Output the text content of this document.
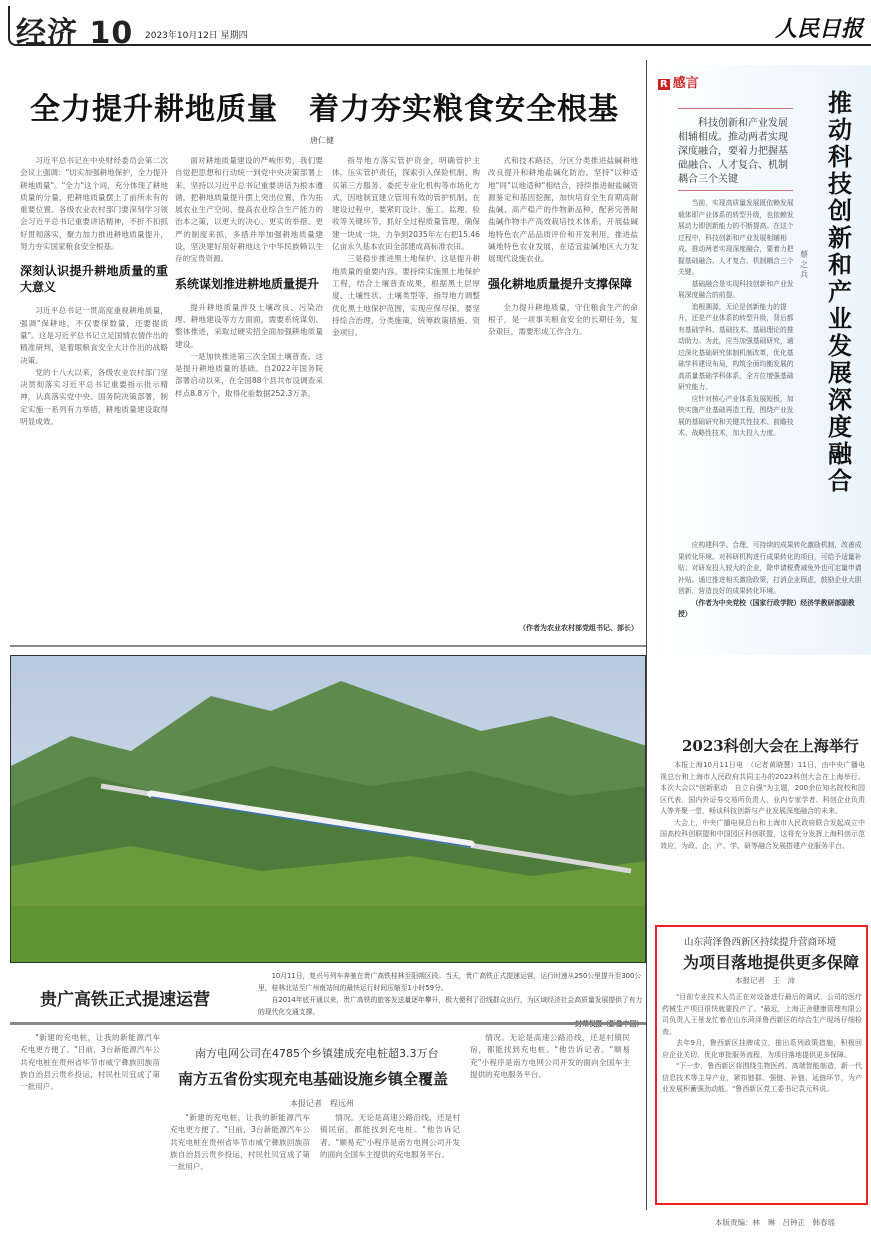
经济 10 2023年10月12日 星期四	人民日报
全力提升耕地质量　着力夯实粮食安全根基
唐仁健

习近平总书记在中央财经委员会第二次会议上强调："切实加强耕地保护，全力提升耕地质量"。"全力"这个词，充分体现了耕地质量的分量，把耕地质量摆上了前所未有的重要位置。各级农业农村部门要深刻学习领会习近平总书记重要讲话精神，不折不扣抓好贯彻落实，聚力加力推进耕地质量提升，努力夯实国家粮食安全根基。

深刻认识提升耕地质量的重大意义

习近平总书记一贯高度重视耕地质量，强调"保耕地，不仅要保数量，还要提质量"。这是习近平总书记立足国情农情作出的精准研判，是着眼粮食安全大计作出的战略决策。

党的十八大以来，各级农业农村部门坚决贯彻落实习近平总书记重要指示批示精神，认真落实党中央、国务院决策部署，制定实施一系列有力举措，耕地质量建设取得明显成效。

面对耕地质量建设的严峻形势，我们要自觉把思想和行动统一到党中央决策部署上来，坚持以习近平总书记重要讲话为根本遵循，把耕地质量提升摆上突出位置，作为拓展农业生产空间、提高农业综合生产能力的治本之策，以更大的决心、更实的举措、更严的制度来抓，多措并举加强耕地质量建设，坚决建好用好耕地这个中华民族赖以生存的宝贵资源。

系统谋划推进耕地质量提升

提升耕地质量涉及土壤改良、污染治理、耕地建设等方方面面，需要系统谋划、整体推进，采取过硬实招全面加强耕地质量建设。

一是加快推进第三次全国土壤普查。这是提升耕地质量的基础。自2022年国务院部署启动以来，在全国88个县共布设调查采样点8.8万个，取得化验数据252.3万条。

指导地方落实管护资金，明确管护主体，压实管护责任，探索引入保险机制、购买第三方服务、委托专业化机构等市场化方式，因地制宜建立管用有效的管护机制。在建设过程中，要紧盯设计、施工、监理、验收等关键环节，抓好全过程质量管理，确保建一块成一块，力争到2035年左右把15.46亿亩永久基本农田全部建成高标准农田。

三是稳步推进黑土地保护。这是提升耕地质量的重要内容。要持续实施黑土地保护工程，结合土壤普查成果，根据黑土层厚度、土壤性状、土壤类型等，指导地方调整优化黑土地保护范围，实现应保尽保。要坚持综合治理，分类施策，统筹政策措施、资金项目。

式和技术路径，分区分类推进盐碱耕地改良提升和耕地盐碱化防治。坚持"以种适地"同"以地适种"相结合，持续推进耐盐碱资源鉴定和基因挖掘，加快培育全生育期高耐盐碱、高产稳产的作物新品种，配套完善耐盐碱作物丰产高效栽培技术体系，开展盐碱地特色农产品品质评价和开发利用，推进盐碱地特色农业发展，在适宜盐碱地区大力发展现代设施农业。

强化耕地质量提升支撑保障

全力提升耕地质量，守住粮食生产的命根子，是一项事关粮食安全的长期任务，复杂艰巨，需要形成工作合力。

（作者为农业农村部党组书记、部长）
贵广高铁正式提速运营

10月11日，复兴号列车奔驰在贵广高铁桂林至阳朔区段。当天，贵广高铁正式提速运营，运行时速从250公里提升至300公里，桂林北站至广州南站间的最快运行时间压缩至1小时59分。

自2014年底开通以来，贵广高铁的旅客发送量逐年攀升，极大便利了沿线群众出行，为区域经济社会高质量发展提供了有力的现代化交通支撑。

"新建的充电桩，让我的新能源汽车充电更方便了。"日前，3台新能源汽车公共充电桩在贵州省毕节市威宁彝族回族苗族自治县云贵乡投运，村民杜贝宜成了第一批用户。

南方电网公司在4785个乡镇建成充电桩超3.3万台
南方五省份实现充电基础设施乡镇全覆盖
本报记者　程远州

"新建的充电桩，让我的新能源汽车充电更方便了。"日前，3台新能源汽车公共充电桩在贵州省毕节市威宁彝族回族苗族自治县云贵乡投运，村民杜贝宜成了第一批用户。

情况。无论是高速公路沿线，还是村镇民宿，都能找到充电桩。"他告诉记者。"顺易充"小程序是南方电网公司开发的面向全国车主提供的充电服务平台。

情况。无论是高速公路沿线，还是村镇民宿，都能找到充电桩。"他告诉记者。"顺易充"小程序是南方电网公司开发的面向全国车主提供的充电服务平台。

R 感言
科技创新和产业发展相辅相成。推动两者实现深度融合，要着力把握基础融合、人才复合、机制耦合三个关键
推动科技创新和产业发展深度融合
蔡之兵

当前，实现高质量发展既依赖发展载体即产业体系的转型升级，也依赖发展动力即创新能力的不断提高。在这个过程中，科技创新和产业发展相辅相成。推动两者实现深度融合，要着力把握基础融合、人才复合、机制耦合三个关键。

基础融合是实现科技创新和产业发展深度融合的前提。

追根溯源，无论是创新能力的提升，还是产业体系的转型升级，背后都有基础学科、基础技术、基础理论的推动助力。为此，应当加强基础研究，通过深化基础研究体制机制改革，优化基础学科建设布局，构筑全面均衡发展的高质量基础学科体系，全方位增强基础研究能力。

应针对核心产业体系发展短板，加快实施产业基础再造工程，围绕产业发展的基础研究和关键共性技术、前瞻技术、战略性技术，加大投入力度。

应构建科学、合理、可持续的成果转化激励机制，改善成果转化环境。对科研机构进行成果转化的项目，可给予适量补贴；对研发投入较大的企业，除申请税费减免外也可定量申请补贴。通过推进相关激励政策，打消企业顾虑，鼓励企业大胆创新，营造良好的成果转化环境。

（作者为中央党校（国家行政学院）经济学教研部副教授）

2023科创大会在上海举行

本报上海10月11日电　（记者黄晓慧）11日，由中央广播电视总台和上海市人民政府共同主办的2023科创大会在上海举行。本次大会以"创新驱动　自立自强"为主题，200余位知名院校和园区代表、国内外证券交易所负责人、业内专家学者、科创企业负责人等齐聚一堂，畅谈科技创新与产业发展深度融合的未来。

大会上，中央广播电视总台和上海市人民政府联合发起成立中国高校科创联盟和中国园区科创联盟，这将充分发挥上海科创示范效应，为政、企、产、学、研等融合发展搭建产业服务平台。

山东菏泽鲁西新区持续提升营商环境
为项目落地提供更多保障
本报记者　王　沛

"目前专业技术人员正在对设备进行最后的调试，公司的医疗药械生产项目很快就要投产了。"最近，上海正舍健康管理有限公司负责人王景龙忙着在山东菏泽鲁西新区的综合生产现场仔细检查。

去年9月，鲁西新区挂牌成立，推出系列政策措施，积极回应企业关切，优化审批服务流程，为项目落地提供更多保障。

"下一步，鲁西新区将围绕生物医药、高端智能制造，新一代信息技术等主导产业，紧扣链群、强链、补链、延链环节，为产业发展积蓄强劲动能。"鲁西新区党工委书记袁元科说。

本版责编：林　琳　吕钟正　韩春瑶
